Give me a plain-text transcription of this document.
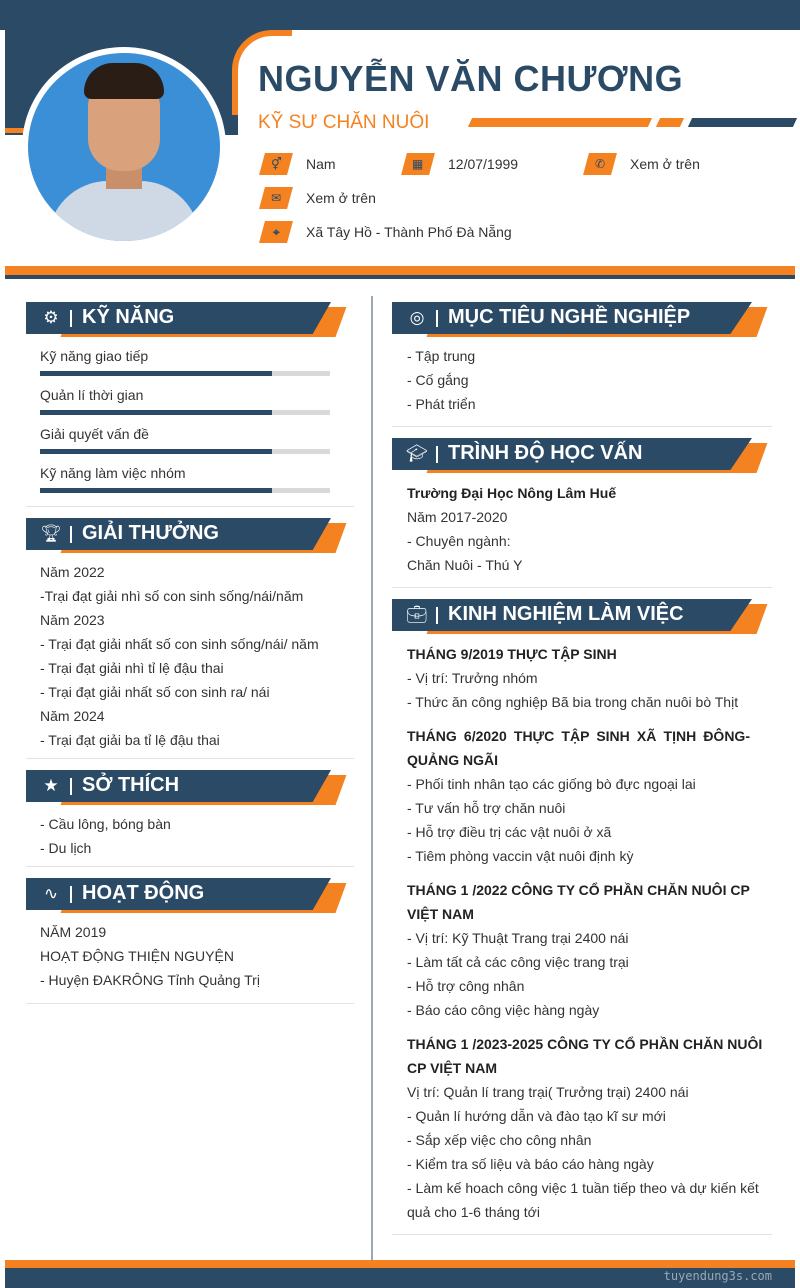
NGUYỄN VĂN CHƯƠNG
KỸ SƯ CHĂN NUÔI
⚥ Nam	▦ 12/07/1999	✆ Xem ở trên
✉ Xem ở trên
⌖ Xã Tây Hồ - Thành Phố Đà Nẵng
⚙ KỸ NĂNG
Kỹ năng giao tiếp
Quản lí thời gian
Giải quyết vấn đề
Kỹ năng làm việc nhóm
🏆︎ GIẢI THƯỞNG
Năm 2022
-Trại đạt giải nhì số con sinh sống/nái/năm
Năm 2023
- Trại đạt giải nhất số con sinh sống/nái/ năm
- Trại đạt giải nhì tỉ lệ đậu thai
- Trại đạt giải nhất số con sinh ra/ nái
Năm 2024
- Trại đạt giải ba tỉ lệ đậu thai
★ SỞ THÍCH
- Cầu lông, bóng bàn
- Du lịch
∿ HOẠT ĐỘNG
NĂM 2019
HOẠT ĐỘNG THIỆN NGUYỆN
- Huyện ĐAKRÔNG Tỉnh Quảng Trị
◎ MỤC TIÊU NGHỀ NGHIỆP
- Tập trung
- Cố gắng
- Phát triển
🎓︎ TRÌNH ĐỘ HỌC VẤN
Trường Đại Học Nông Lâm Huế
Năm 2017-2020
- Chuyên ngành:
Chăn Nuôi - Thú Y
💼︎ KINH NGHIỆM LÀM VIỆC
THÁNG 9/2019 THỰC TẬP SINH
- Vị trí: Trưởng nhóm
- Thức ăn công nghiệp Bã bia trong chăn nuôi bò Thịt
THÁNG 6/2020 THỰC TẬP SINH XÃ TỊNH ĐÔNG-
QUẢNG NGÃI
- Phối tinh nhân tạo các giống bò đực ngoại lai
- Tư vấn hỗ trợ chăn nuôi
- Hỗ trợ điều trị các vật nuôi ở xã
- Tiêm phòng vaccin vật nuôi định kỳ
THÁNG 1 /2022 CÔNG TY CỔ PHẦN CHĂN NUÔI CP
VIỆT NAM
- Vị trí: Kỹ Thuật Trang trại 2400 nái
- Làm tất cả các công việc trang trại
- Hỗ trợ công nhân
- Báo cáo công việc hàng ngày
THÁNG 1 /2023-2025 CÔNG TY CỔ PHẦN CHĂN NUÔI
CP VIỆT NAM
Vị trí: Quản lí trang trại( Trưởng trại) 2400 nái
- Quản lí hướng dẫn và đào tạo kĩ sư mới
- Sắp xếp việc cho công nhân
- Kiểm tra số liệu và báo cáo hàng ngày
- Làm kế hoach công việc 1 tuần tiếp theo và dự kiến kết
quả cho 1-6 tháng tới
tuyendung3s.com
